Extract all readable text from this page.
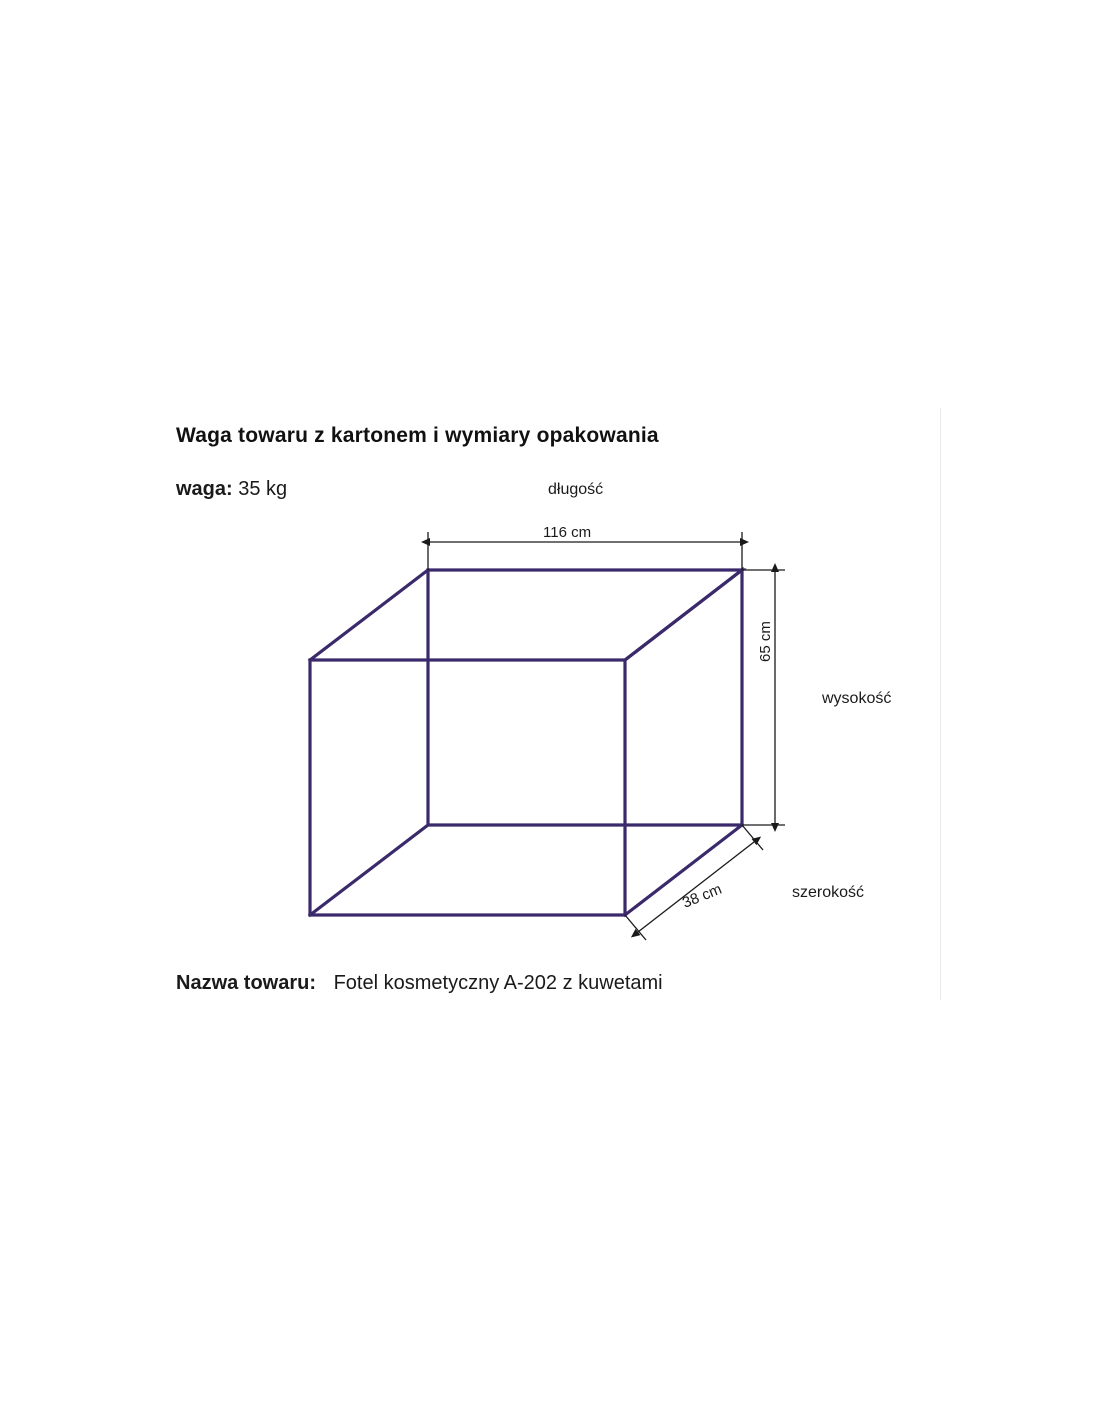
Waga towaru z kartonem i wymiary opakowania
waga: 35 kg	długość
wysokość
szerokość
116 cm
65 cm
38 cm
Nazwa towaru: Fotel kosmetyczny A-202 z kuwetami
